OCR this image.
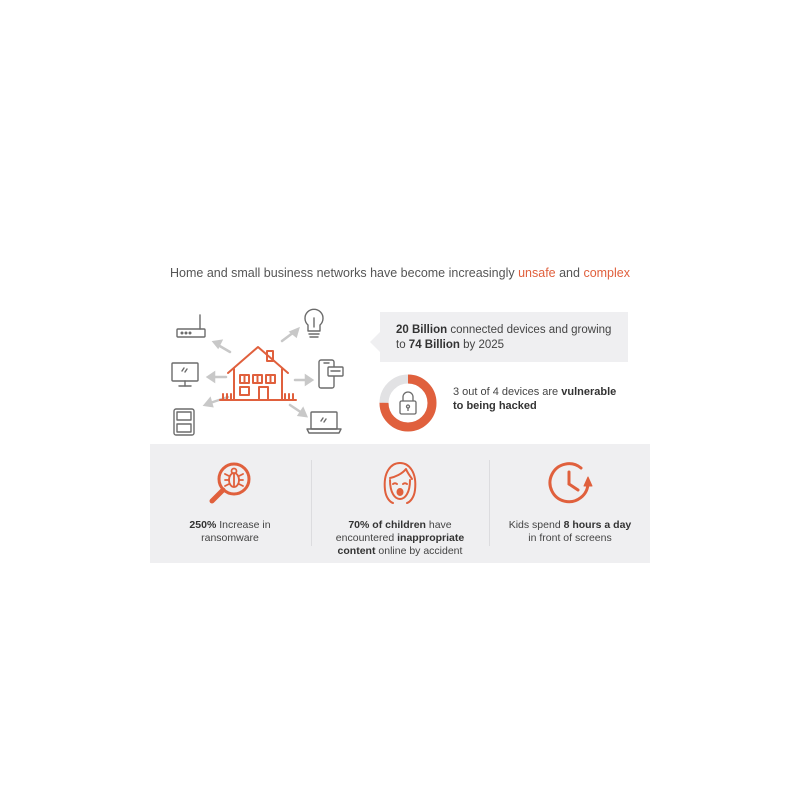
Home and small business networks have become increasingly unsafe and complex
20 Billion connected devices and growing
to 74 Billion by 2025
3 out of 4 devices are vulnerable
to being hacked
250% Increase in
ransomware
70% of children have
encountered inappropriate
content online by accident
Kids spend 8 hours a day
in front of screens
